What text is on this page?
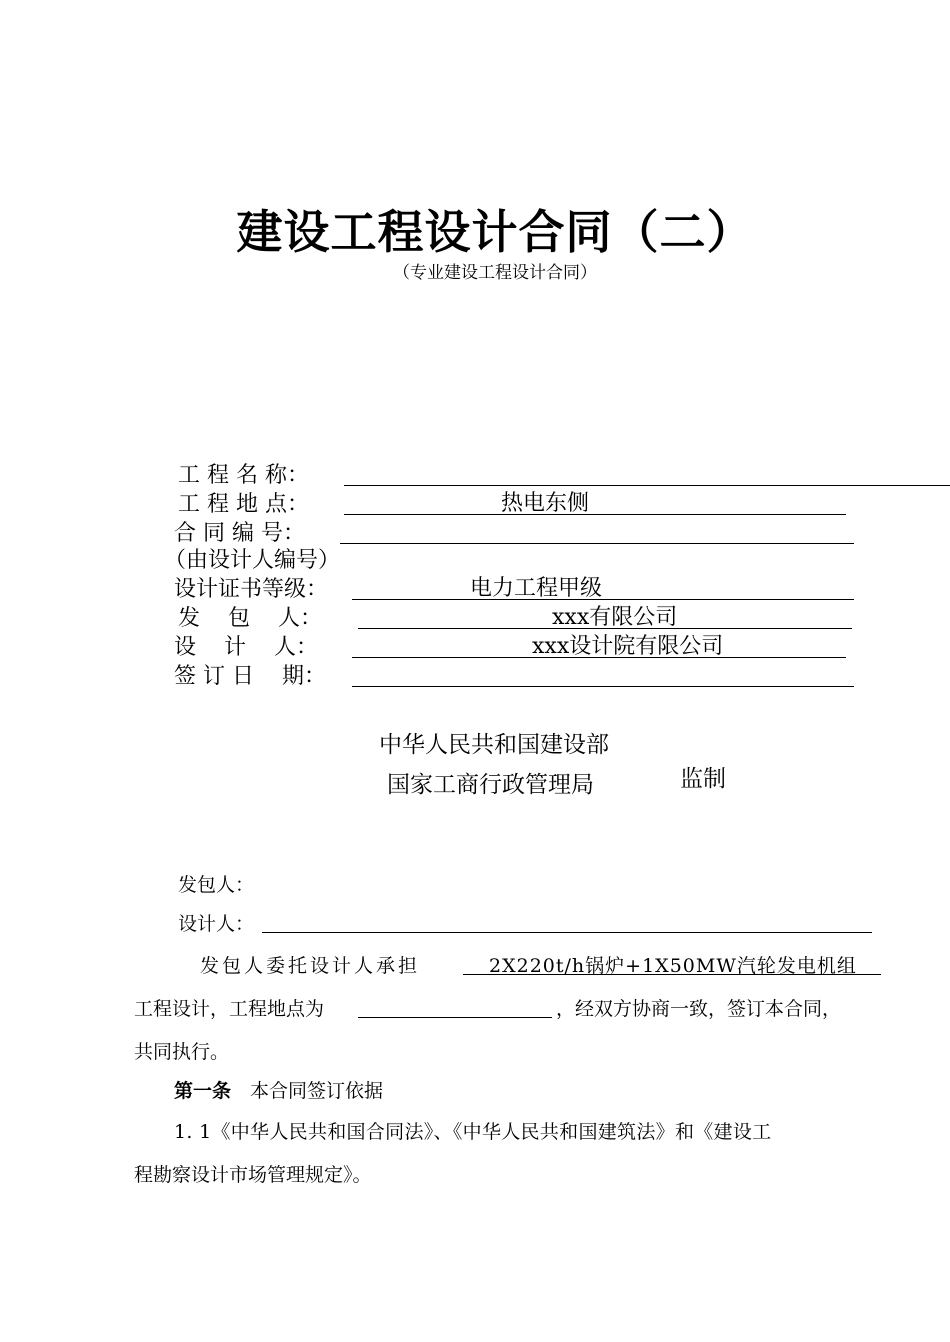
建设工程设计合同（二）
（专业建设工程设计合同）
工 程 名 称：
工 程 地 点：	热电东侧
合 同 编 号：
（由设计人编号）
设计证书等级：	电力工程甲级
发    包    人：	xxx有限公司
设    计    人：	xxx设计院有限公司
签 订 日    期：
中华人民共和国建设部
国家工商行政管理局	监制
发包人：
设计人：
发包人委托设计人承担	2X220t/h锅炉+1X50MW汽轮发电机组
工程设计，工程地点为	，经双方协商一致，签订本合同，
共同执行。
第一条 本合同签订依据
1. 1《中华人民共和国合同法》、《中华人民共和国建筑法》和《建设工
程勘察设计市场管理规定》。
